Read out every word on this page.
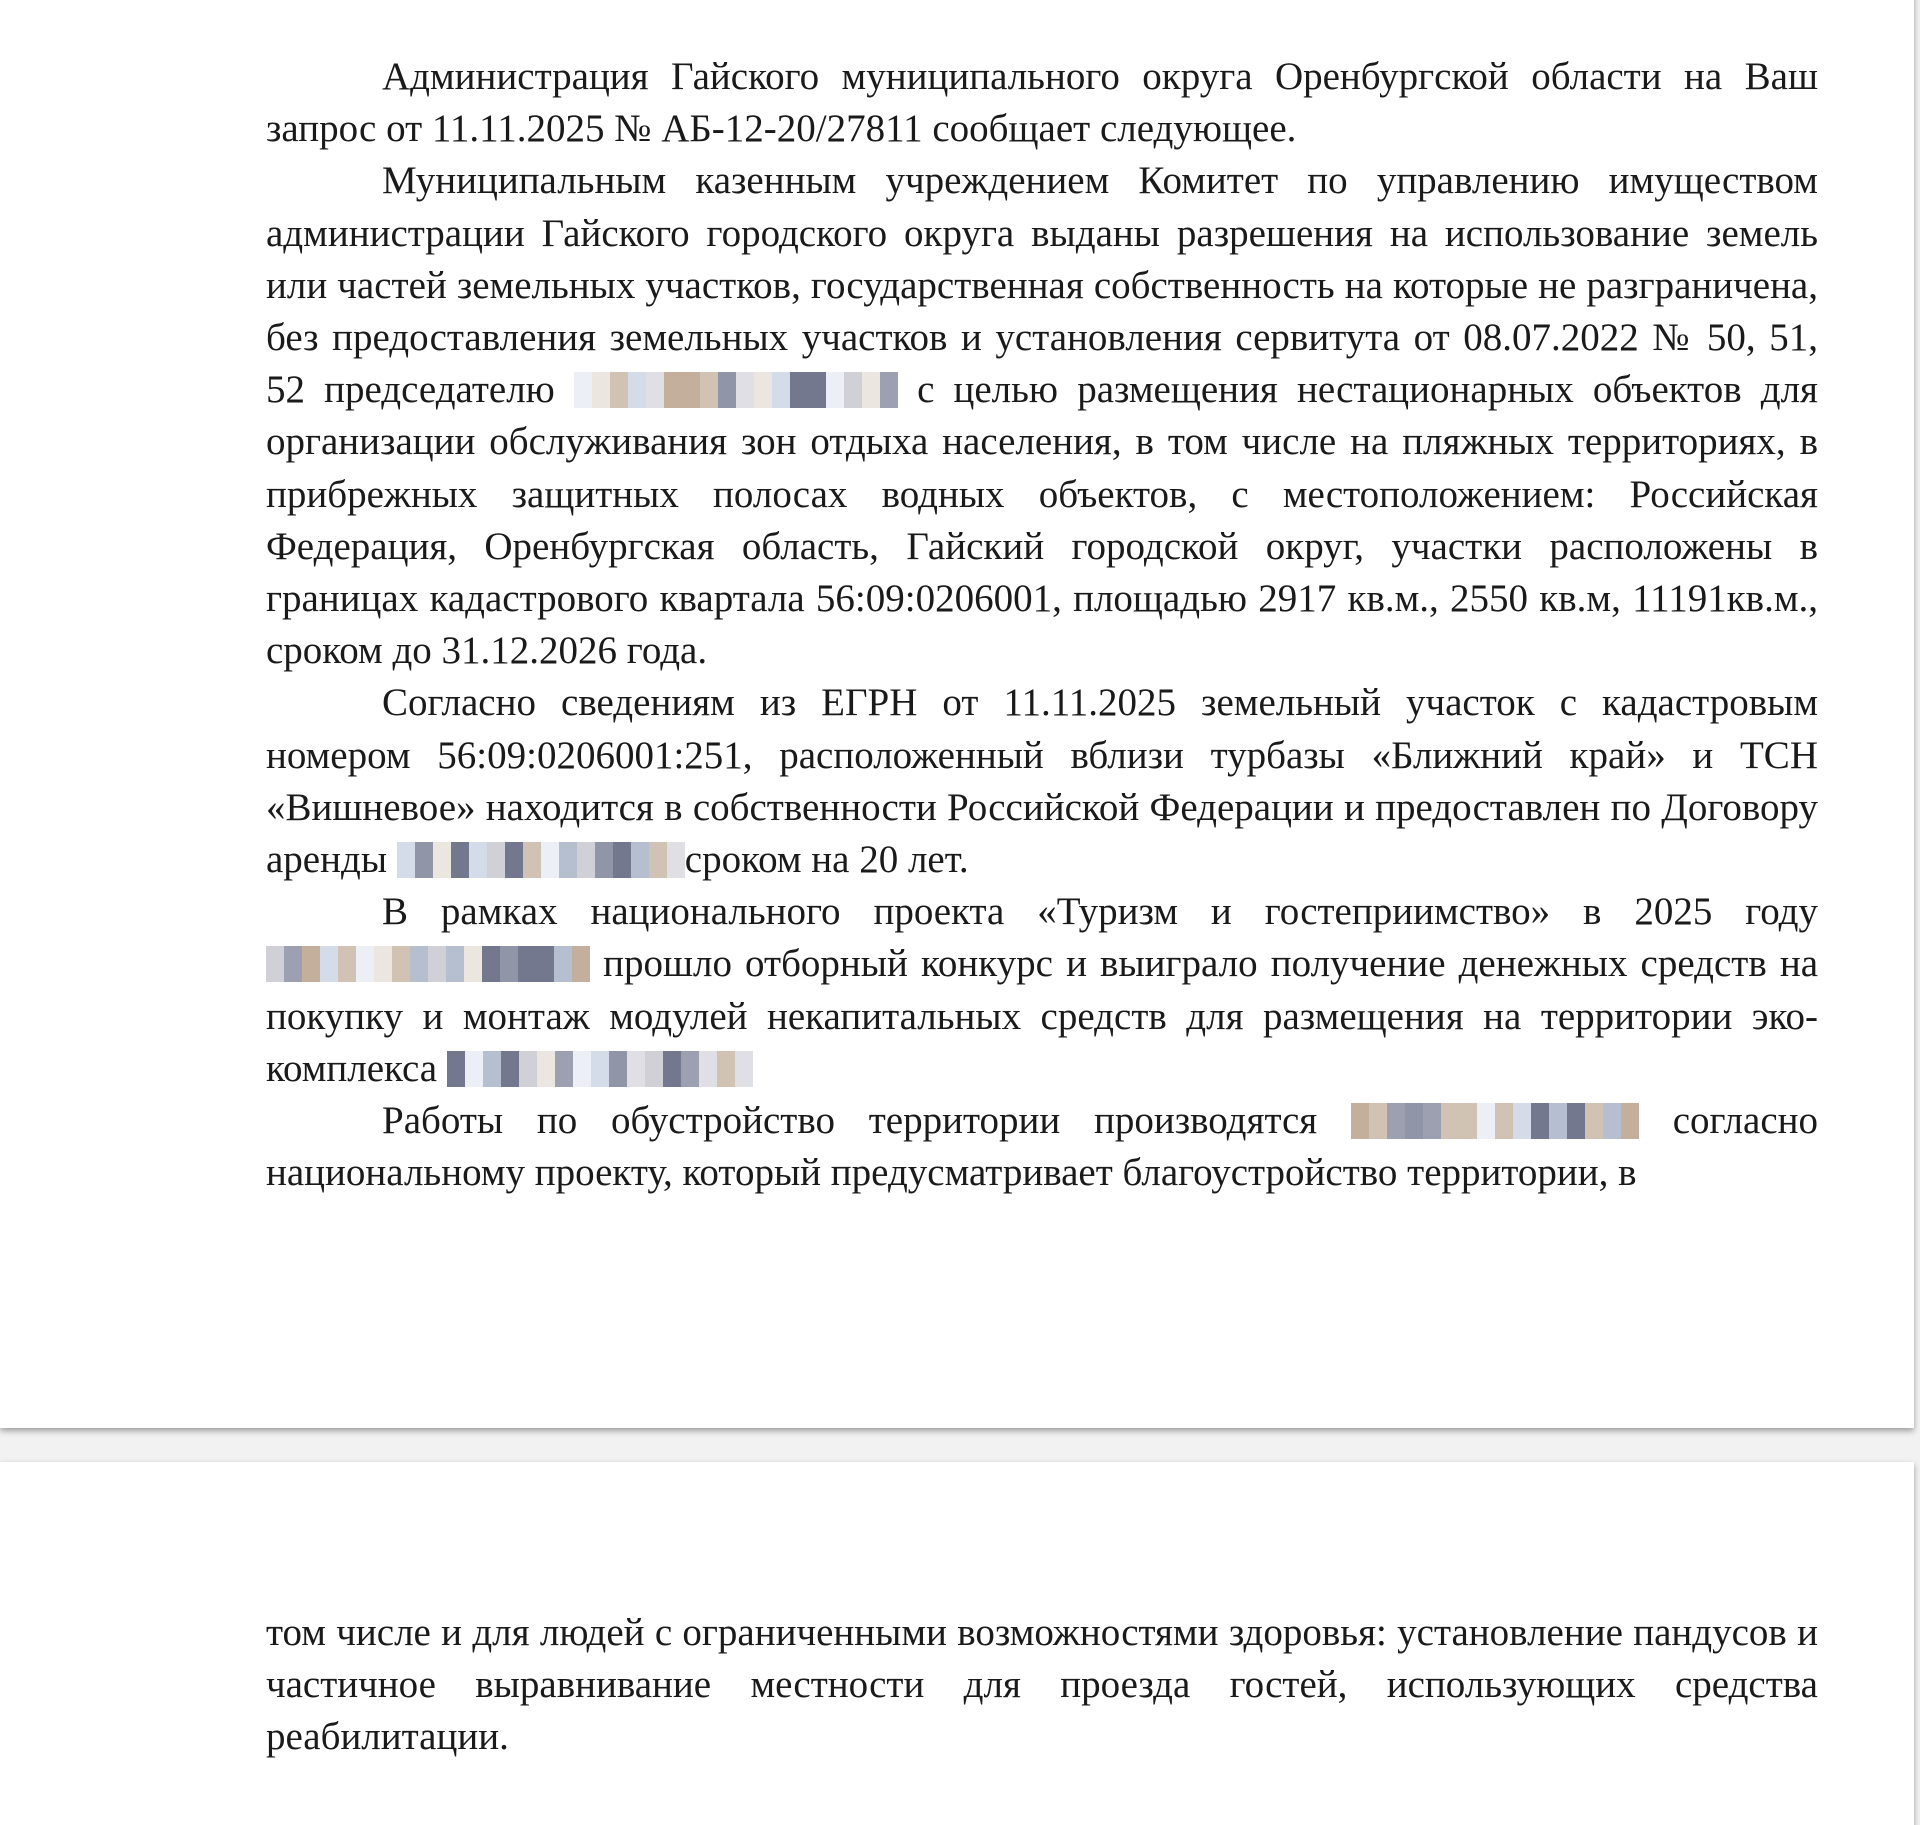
Администрация Гайского муниципального округа Оренбургской области на Ваш запрос от 11.11.2025 № АБ-12-20/27811 сообщает следующее.

Муниципальным казенным учреждением Комитет по управлению имуществом администрации Гайского городского округа выданы разрешения на использование земель или частей земельных участков, государственная собственность на которые не разграничена, без предоставления земельных участков и установления сервитута от 08.07.2022 № 50, 51, 52 председателю	с целью размещения нестационарных объектов для организации обслуживания зон отдыха населения, в том числе на пляжных территориях, в прибрежных защитных полосах водных объектов, с местоположением: Российская Федерация, Оренбургская область, Гайский городской округ, участки расположены в границах кадастрового квартала 56:09:0206001, площадью 2917 кв.м., 2550 кв.м, 11191кв.м., сроком до 31.12.2026 года.

Согласно сведениям из ЕГРН от 11.11.2025 земельный участок с кадастровым номером 56:09:0206001:251, расположенный вблизи турбазы «Ближний край» и ТСН «Вишневое» находится в собственности Российской Федерации и предоставлен по Договору аренды	сроком на 20 лет.

В рамках национального проекта «Туризм и гостеприимство» в 2025 году  прошло отборный конкурс и выиграло получение денежных средств на покупку и монтаж модулей некапитальных средств для размещения на территории эко-комплекса

Работы по обустройство территории производятся	согласно национальному проекту, который предусматривает благоустройство территории, в

том числе и для людей с ограниченными возможностями здоровья: установление пандусов и частичное выравнивание местности для проезда гостей, использующих средства реабилитации.
